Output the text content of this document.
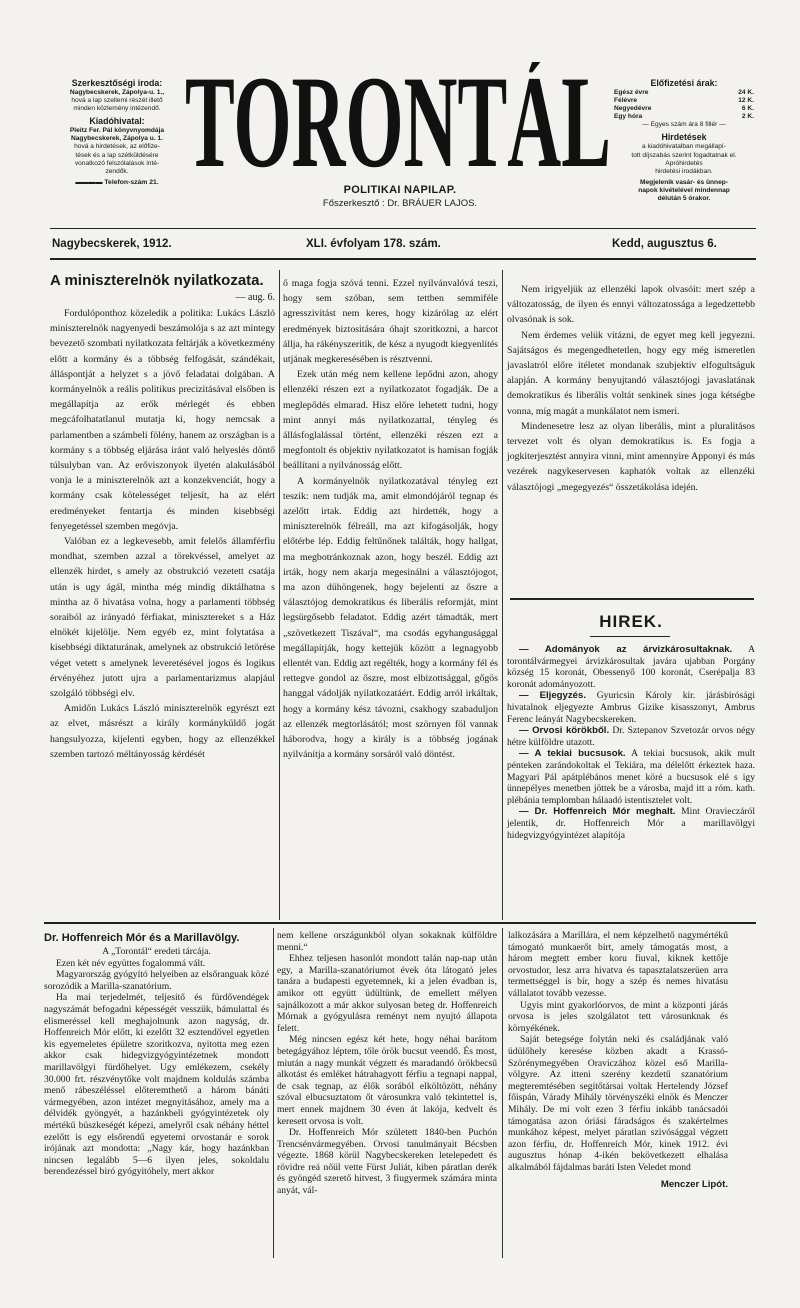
Szerkesztőségi iroda:
Nagybecskerek, Zápolya-u. 1.,
hová a lap szellemi részét illető
minden közlemény intézendő.
Kiadóhivatal:
Pleitz Fer. Pál könyvnyomdája
Nagybecskerek, Zápolya u. 1.
hová a hirdetések, az előfize-
tések és a lap szétküldésére
vonatkozó felszólalások inté-
zendők.
▬▬▬▬ Telefon-szám 21. TORONTÁL	Előfizetési árak:
Egész évre	24 K.
Félévre	12 K.
Negyedévre	6 K.
Egy hóra	2 K.
— Egyes szám ára 8 fillér —
Hirdetések
a kiadóhivatalban megállapí-
tott díjszabás szerint fogadtatnak el. Apróhirdetés
hirdetési irodákban.
Megjelenik vasár- és ünnep-
napok kivételével mindennap
délután 5 órakor.
POLITIKAI NAPILAP.
Főszerkesztő : Dr. BRÁUER LAJOS.
Nagybecskerek, 1912.	XLI. évfolyam 178. szám.	Kedd, augusztus 6.
A miniszterelnök nyilatkozata.
— aug. 6.

Fordulóponthoz közeledik a politika: Lukács László miniszterelnök nagyenyedi beszámolója s az azt mintegy bevezető szombati nyilatkozata feltárják a következmény előtt a kormány és a többség felfogását, szándékait, álláspontját a helyzet s a jövő feladatai dolgában. A kormányelnök a reális politikus precizitásával elsőben is megállapítja az erők mérlegét és ebben megcáfolhatatlanul mutatja ki, hogy nemcsak a parlamentben a számbeli fölény, hanem az országban is a kormány s a többség eljárása iránt való helyeslés döntő túlsulyban van. Az erőviszonyok ilyetén alakulásából vonja le a miniszterelnök azt a konzekvenciát, hogy a kormány csak kötelességet teljesít, ha az elért eredményeket fentartja és minden kisebbségi fenyegetéssel szemben megóvja.

Valóban ez a legkevesebb, amit felelős államférfiu mondhat, szemben azzal a törekvéssel, amelyet az ellenzék hirdet, s amely az obstrukció vezetett csatája után is ugy ágál, mintha még mindig diktálhatna s mintha az ő hivatása volna, hogy a parlamenti többség soraiból az irányadó férfiakat, minisztereket s a Ház elnökét kijelölje. Nem egyéb ez, mint folytatása a kisebbségi diktaturának, amelynek az obstrukció letörése véget vetett s amelynek leveretésével jogos és logikus érvényéhez jutott ujra a parlamentarizmus alapjául szolgáló többségi elv.

Amidőn Lukács László miniszterelnök egyrészt ezt az elvet, másrészt a király kormányküldő jogát hangsulyozza, kijelenti egyben, hogy az ellenzékkel szemben tartozó méltányosság kérdését

ő maga fogja szóvá tenni. Ezzel nyilvánvalóvá teszi, hogy sem szóban, sem tettben semmiféle agresszivitást nem keres, hogy kizárólag az elért eredmények biztositására óhajt szoritkozni, a harcot állja, ha rákényszeritik, de kész a nyugodt kiegyenlítés utjának megkeresésében is résztvenni.

Ezek után még nem kellene lepődni azon, ahogy ellenzéki részen ezt a nyilatkozatot fogadják. De a meglepődés elmarad. Hisz előre lehetett tudni, hogy mint annyi más nyilatkozattal, tényleg és állásfoglalással történt, ellenzéki részen ezt a megfontolt és objektiv nyilatkozatot is hamisan fogják beállítani a nyilvánosság előtt.

A kormányelnök nyilatkozatával tényleg ezt teszik: nem tudják ma, amit elmondójáról tegnap és azelőtt irtak. Eddig azt hirdették, hogy a miniszterelnök félreáll, ma azt kifogásolják, hogy előtérbe lép. Eddig feltűnőnek találták, hogy hallgat, ma megbotránkoznak azon, hogy beszél. Eddig azt irták, hogy nem akarja megesinálni a választójogot, ma azon dühöngenek, hogy bejelenti az őszre a választójog demokratikus és liberális reformját, mint legsürgősebb feladatot. Eddig azért támadták, mert „szövetkezett Tiszával“, ma csodás egyhangusággal megállapítják, hogy kettejük között a legnagyobb ellentét van. Eddig azt regélték, hogy a kormány fél és rettegve gondol az őszre, most elbizottsággal, gőgös hanggal vádolják nyilatkozatáért. Eddig arról irkáltak, hogy a kormány kész távozni, csakhogy szabaduljon az ellenzék megtorlásától; most szörnyen föl vannak háborodva, hogy a király is a többség jogának nyilvánítja a kormány sorsáról való döntést.

Nem irigyeljük az ellenzéki lapok olvasóit: mert szép a változatosság, de ilyen és ennyi változatossága a legedzettebb olvasónak is sok.

Nem érdemes velük vitázni, de egyet meg kell jegyezni. Sajátságos és megengedhetetlen, hogy egy még ismeretlen javaslatról előre itéletet mondanak szubjektív elfogultságuk alapján. A kormány benyujtandó választójogi javaslatának demokratikus és liberális voltát senkinek sines joga kétségbe vonna, míg magát a munkálatot nem ismeri.

Mindenesetre lesz az olyan liberális, mint a pluralitásos tervezet volt és olyan demokratikus is. Es fogja a jogkiterjesztést annyira vinni, mint amennyire Apponyi és más vezérek nagykeservesen kaphatók voltak az ellenzéki választójogi „megegyezés“ összetákolása idején.

HIREK.

— Adományok az árvizkárosultaknak. A torontálvármegyei árvizkárosultak javára ujabban Porgány község 15 koronát, Obessenyő 100 koronát, Cserépalja 83 koronát adományozott.

— Eljegyzés. Gyuricsin Károly kir. járásbirósági hivatalnok eljegyezte Ambrus Gizike kisasszonyt, Ambrus Ferenc leányát Nagybecskereken.

— Orvosi körökből. Dr. Sztepanov Szvetozár orvos négy hétre külföldre utazott.

— A tekiai bucsusok. A tekiai bucsusok, akik mult pénteken zarándokoltak el Tekiára, ma délelőtt érkeztek haza. Magyari Pál apátplébános menet köré a bucsusok elé s igy ünnepélyes menetben jöttek be a városba, majd itt a róm. kath. plébánia templomban hálaadó istentisztelet volt.

— Dr. Hoffenreich Mór meghalt. Mint Oravieczáról jelentik, dr. Hoffenreich Mór a marillavölgyi hidegvizgyógyintézet alapítója

Dr. Hoffenreich Mór és a Marillavölgy.

A „Torontál“ eredeti tárcája.

Ezen két név együttes fogalommá vált.

Magyarország gyógyító helyeiben az elsőranguak közé sorozódik a Marilla-szanatórium.

Ha mai terjedelmét, teljesítő és fürdővendégek nagyszámát befogadni képességét vesszük, bámulattal és elismeréssel kell meghajolnunk azon nagyság, dr. Hoffenreich Mór előtt, ki ezelőtt 32 esztendővel egyetlen kis egyemeletes épületre szoritkozva, nyitotta meg ezen akkor csak hidegvizgyógyintézetnek mondott marillavölgyi fürdőhelyet. Ugy emlékezem, csekély 30.000 frt. részvénytőke volt majdnem koldulás számba menő rábeszéléssel előteremthető a három bánáti vármegyében, azon intézet megnyitásához, amely ma a délvidék gyöngyét, a hazánkbeli gyógyintézetek oly mértékű büszkeségét képezi, amelyről csak néhány héttel ezelőtt is egy elsőrendű egyetemi orvostanár e sorok irójának azt mondotta: „Nagy kár, hogy hazánkban nincsen legalább 5—6 ilyen jeles, sokoldalu berendezéssel biró gyógyitóhely, mert akkor

nem kellene országunkból olyan sokaknak külföldre menni.“

Ehhez teljesen hasonlót mondott talán nap-nap után egy, a Marilla-szanatóriumot évek óta látogató jeles tanára a budapesti egyetemnek, ki a jelen évadban is, amikor ott együtt üdültünk, de emellett mélyen sajnálkozott a már akkor sulyosan beteg dr. Hoffenreich Mórnak a gyógyulásra reményt nem nyujtó állapota felett.

Még nincsen egész két hete, hogy néhai barátom betegágyához léptem, tőle örök bucsut veendő. És most, miután a nagy munkát végzett és maradandó örökbecsű alkotást és emléket hátrahagyott férfiu a tegnapi nappal, de csak tegnap, az élők sorából elköltözött, néhány szóval elbucsuztatom őt városunkra való tekintettel is, mert ennek majdnem 30 éven át lakója, kedvelt és keresett orvosa is volt.

Dr. Hoffenreich Mór született 1840-ben Puchón Trencsénvármegyében. Orvosi tanulmányait Bécsben végezte. 1868 körül Nagybecskereken letelepedett és rövidre reá nőül vette Fürst Juliát, kiben páratlan derék és gyöngéd szerető hitvest, 3 fiugyermek számára minta anyát, vál-

lalkozására a Marillára, el nem képzelhető nagymértékű támogató munkaerőt birt, amely támogatás most, a három megtett ember koru fiuval, kiknek kettője orvostudor, lesz arra hivatva és tapasztalatszerüen arra termettséggel is bír, hogy a szép és nemes hivatásu vállalatot tovább vezesse.

Ugyis mint gyakorlóorvos, de mint a központi járás orvosa is jeles szolgálatot tett városunknak és környékének.

Saját betegsége folytán neki és családjának való üdülőhely keresése közben akadt a Krassó-Szörénymegyében Oraviczához közel eső Marilla-völgyre. Az itteni szerény kezdetű szanatórium megteremtésében segítőtársai voltak Hertelendy József főispán, Várady Mihály törvényszéki elnök és Menczer Mihály. De mi volt ezen 3 férfiu inkább tanácsadói támogatása azon óriási fáradságos és szakértelmes munkához képest, melyet páratlan szivósággal végzett azon férfiu, dr. Hoffenreich Mór, kinek 1912. évi augusztus hónap 4-ikén bekövetkezett elhalása alkalmából fájdalmas baráti Isten Veledet mond

Menczer Lipót.
